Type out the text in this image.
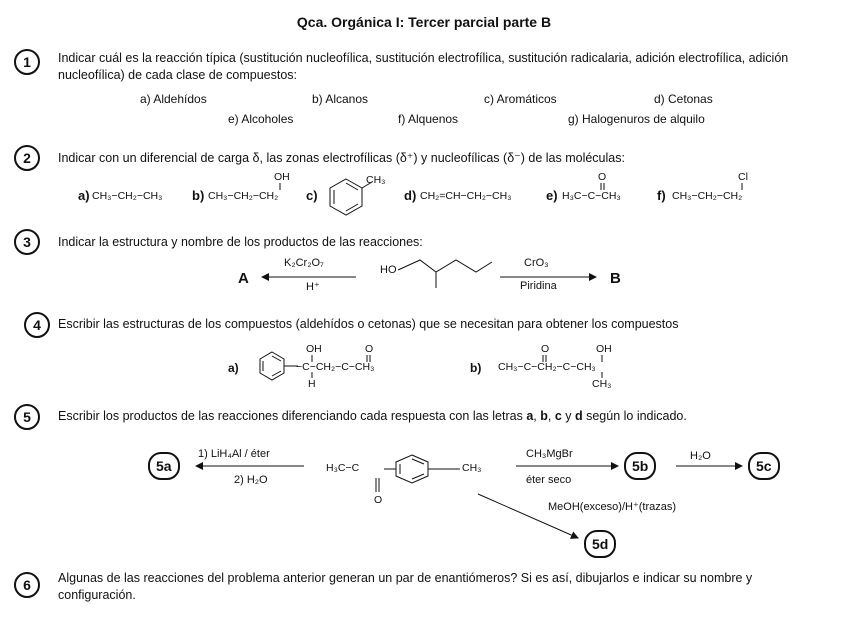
Qca. Orgánica I: Tercer parcial parte B
1	Indicar cuál es la reacción típica (sustitución nucleofílica, sustitución electrofílica, sustitución radicalaria, adición electrofílica, adición nucleofílica) de cada clase de compuestos:
a) Aldehídos	b) Alcanos	c) Aromáticos	d) Cetonas
e) Alcoholes	f) Alquenos	g) Halogenuros de alquilo
2	Indicar con un diferencial de carga δ, las zonas electrofílicas (δ⁺) y nucleofílicas (δ⁻) de las moléculas:
a) CH₃−CH₂−CH₃ b)
OH
CH₃−CH₂−CH₂ c)
CH₃
d) CH₂=CH−CH₂−CH₃	e)
O
H₃C−C−CH₃	f)
Cl
CH₃−CH₂−CH₂
3	Indicar la estructura y nombre de los productos de las reacciones:
A
K₂Cr₂O₇
H⁺
HO
CrO₃
Piridina	B
4	Escribir las estructuras de los compuestos (aldehídos o cetonas) que se necesitan para obtener los compuestos
a)
OH	O
−C−CH₂−C−CH₃
H
b)
O	OH
CH₃−C−CH₂−C−CH₃
CH₃
5	Escribir los productos de las reacciones diferenciando cada respuesta con las letras a, b, c y d según lo indicado.
5a
1) LiH₄Al / éter
2) H₂O
H₃C−C
O
CH₃
CH₃MgBr
éter seco
5b
H₂O
5c
MeOH(exceso)/H⁺(trazas)
5d
6	Algunas de las reacciones del problema anterior generan un par de enantiómeros? Si es así, dibujarlos e indicar su nombre y configuración.
